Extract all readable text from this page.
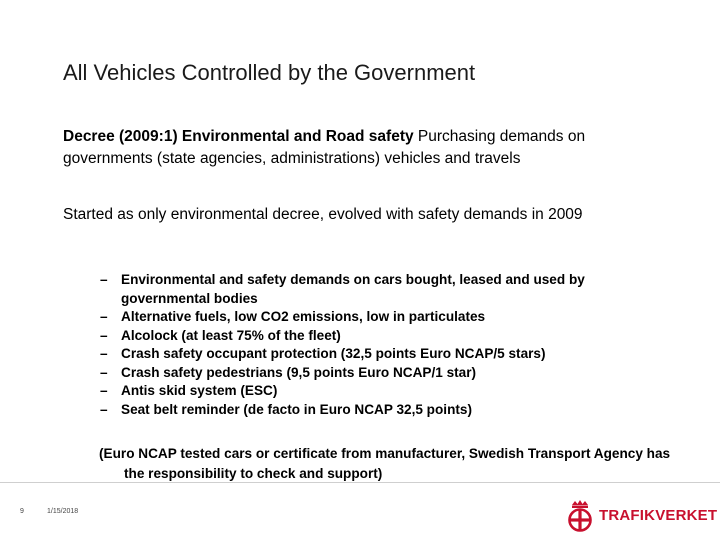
All Vehicles Controlled by the Government
Decree (2009:1) Environmental and Road safety Purchasing demands on governments (state agencies, administrations) vehicles and travels
Started as only environmental decree, evolved with safety demands in 2009
– Environmental and safety demands on cars bought, leased and used by governmental bodies
– Alternative fuels, low CO2 emissions, low in particulates
– Alcolock (at least 75% of the fleet)
– Crash safety occupant protection (32,5 points Euro NCAP/5 stars)
– Crash safety pedestrians (9,5 points Euro NCAP/1 star)
– Antis skid system (ESC)
– Seat belt reminder (de facto in Euro NCAP 32,5 points)
(Euro NCAP tested cars or certificate from manufacturer, Swedish Transport Agency has the responsibility to check and support)
9	1/15/2018	TRAFIKVERKET
